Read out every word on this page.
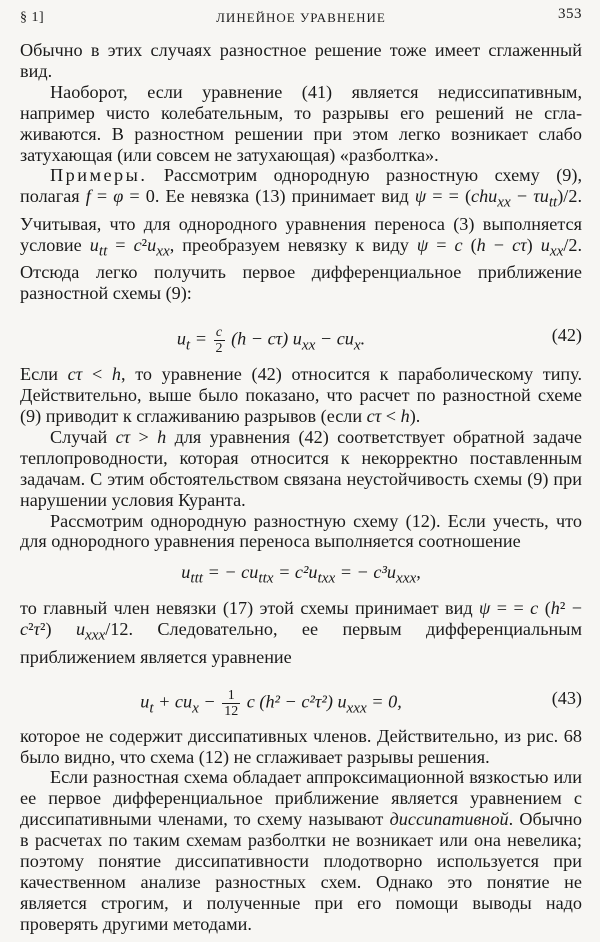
§ 1]	ЛИНЕЙНОЕ УРАВНЕНИЕ	353

Обычно в этих случаях разностное решение тоже имеет сглаженный вид.

Наоборот, если уравнение (41) является недиссипативным, например чисто колебательным, то разрывы его решений не сглаживаются. В разностном решении при этом легко возникает слабо затухающая (или совсем не затухающая) «разболтка».

Примеры. Рассмотрим однородную разностную схему (9), полагая f = φ = 0. Ее невязка (13) принимает вид ψ = = $(chu_{xx} - \tau u_{tt})/2$. Учитывая, что для однородного уравнения переноса (3) выполняется условие $u_{tt} = c^2u_{xx}$, преобразуем невязку к виду ψ = c (h − cτ) $u_{xx}/2$. Отсюда легко получить первое дифференциальное приближение разностной схемы (9):

$u_t = \frac{c}{2} (h - c\tau) u_{xx} - cu_x$.	(42)

Если cτ < h, то уравнение (42) относится к параболическому типу. Действительно, выше было показано, что расчет по разностной схеме (9) приводит к сглаживанию разрывов (если cτ < h).

Случай cτ > h для уравнения (42) соответствует обратной задаче теплопроводности, которая относится к некорректно поставленным задачам. С этим обстоятельством связана неустойчивость схемы (9) при нарушении условия Куранта.

Рассмотрим однородную разностную схему (12). Если учесть, что для однородного уравнения переноса выполняется соотношение

$u_{ttt}$ = − $cu_{ttx} = c^2u_{txx}$ = − $c^3u_{xxx}$,

то главный член невязки (17) этой схемы принимает вид ψ = = c (h² − c²τ²) $u_{xxx}/12$. Следовательно, ее первым дифференциальным приближением является уравнение

$u_t + cu_x - \frac{1}{12}$ c (h² − c²τ²) $u_{xxx} = 0$,	(43)

которое не содержит диссипативных членов. Действительно, из рис. 68 было видно, что схема (12) не сглаживает разрывы решения.

Если разностная схема обладает аппроксимационной вязкостью или ее первое дифференциальное приближение является уравнением с диссипативными членами, то схему называют диссипативной. Обычно в расчетах по таким схемам разболтки не возникает или она невелика; поэтому понятие диссипативности плодотворно используется при качественном анализе разностных схем. Однако это понятие не является строгим, и полученные при его помощи выводы надо проверять другими методами.
